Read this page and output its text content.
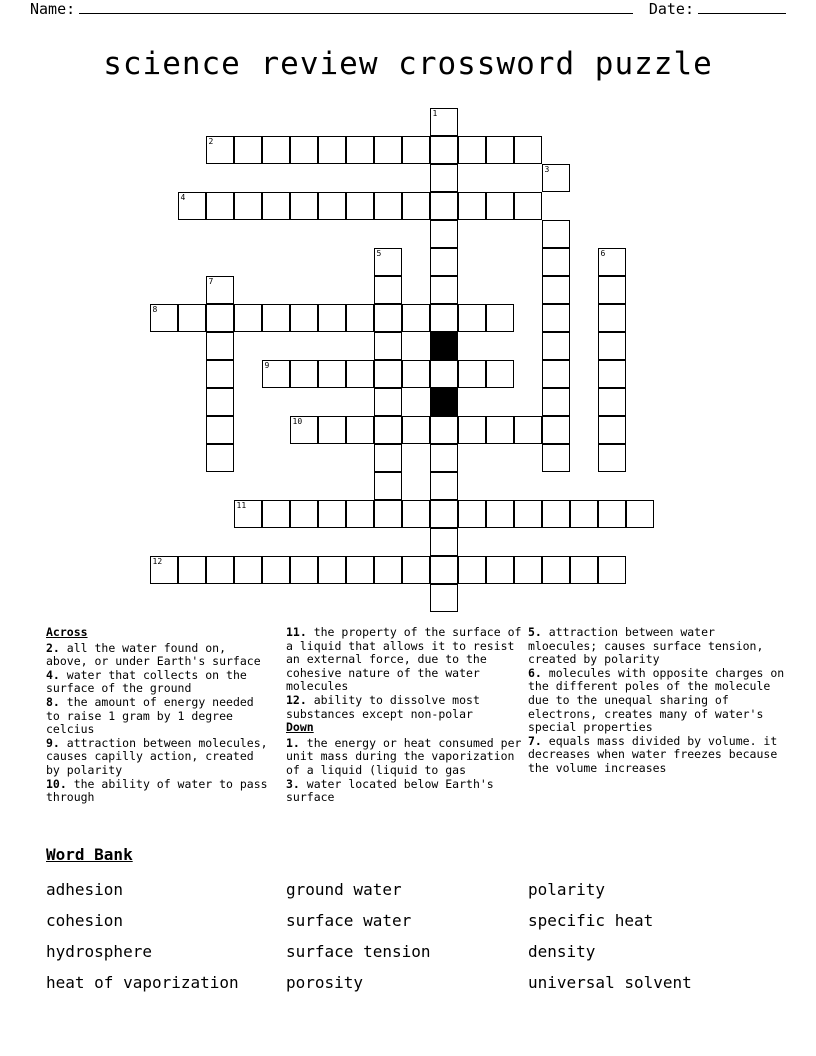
Name:	Date:
science review crossword puzzle
1
2
3
4
5	6
7
8
9
10
11
12
Across
2. all the water found on, above, or under Earth's surface
4. water that collects on the surface of the ground
8. the amount of energy needed to raise 1 gram by 1 degree celcius
9. attraction between molecules, causes capilly action, created by polarity
10. the ability of water to pass through
11. the property of the surface of a liquid that allows it to resist an external force, due to the cohesive nature of the water molecules
12. ability to dissolve most substances except non-polar
Down
1. the energy or heat consumed per unit mass during the vaporization of a liquid (liquid to gas
3. water located below Earth's surface
5. attraction between water mloecules; causes surface tension, created by polarity
6. molecules with opposite charges on the different poles of the molecule due to the unequal sharing of electrons, creates many of water's special properties
7. equals mass divided by volume. it decreases when water freezes because the volume increases
Word Bank
adhesion	ground water	polarity
cohesion	surface water	specific heat
hydrosphere	surface tension	density
heat of vaporization	porosity	universal solvent
